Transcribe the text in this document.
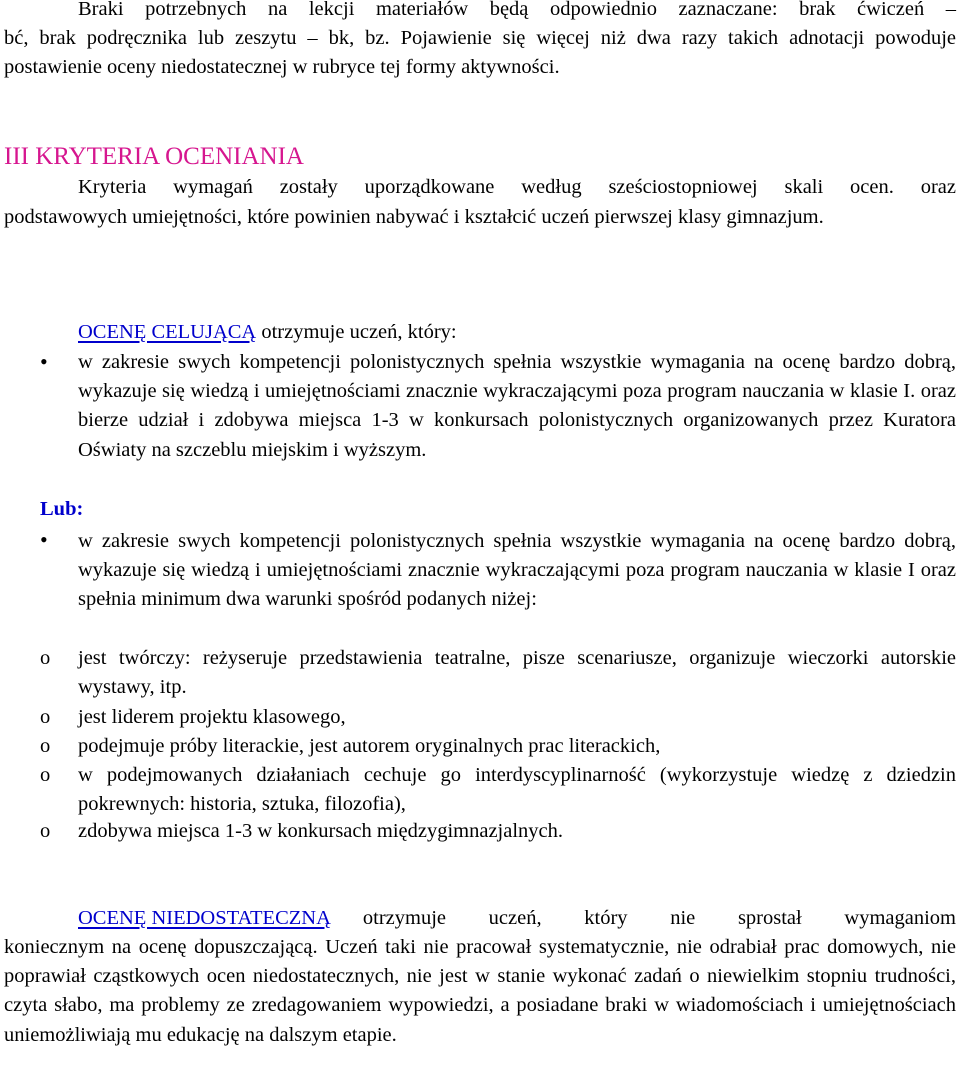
Braki potrzebnych na lekcji materiałów będą odpowiednio zaznaczane: brak ćwiczeń –

bć, brak podręcznika lub zeszytu – bk, bz. Pojawienie się więcej niż dwa razy takich adnotacji powoduje postawienie oceny niedostatecznej w rubryce tej formy aktywności.

III KRYTERIA OCENIANIA

Kryteria wymagań zostały uporządkowane według sześciostopniowej skali ocen. oraz

podstawowych umiejętności, które powinien nabywać i kształcić uczeń pierwszej klasy gimnazjum.

OCENĘ CELUJĄCĄ otrzymuje uczeń, który:
• w zakresie swych kompetencji polonistycznych spełnia wszystkie wymagania na ocenę bardzo dobrą, wykazuje się wiedzą i umiejętnościami znacznie wykraczającymi poza program nauczania w klasie I. oraz bierze udział i zdobywa miejsca 1-3 w konkursach polonistycznych organizowanych przez Kuratora Oświaty na szczeblu miejskim i wyższym.

Lub:
• w zakresie swych kompetencji polonistycznych spełnia wszystkie wymagania na ocenę bardzo dobrą, wykazuje się wiedzą i umiejętnościami znacznie wykraczającymi poza program nauczania w klasie I oraz spełnia minimum dwa warunki spośród podanych niżej:

o jest twórczy: reżyseruje przedstawienia teatralne, pisze scenariusze, organizuje wieczorki autorskie wystawy, itp.

o jest liderem projektu klasowego,

o podejmuje próby literackie, jest autorem oryginalnych prac literackich,

o w podejmowanych działaniach cechuje go interdyscyplinarność (wykorzystuje wiedzę z dziedzin pokrewnych: historia, sztuka, filozofia),

o zdobywa miejsca 1-3 w konkursach międzygimnazjalnych.

OCENĘ NIEDOSTATECZNĄ	otrzymuje uczeń, który nie sprostał wymaganiom

koniecznym na ocenę dopuszczającą. Uczeń taki nie pracował systematycznie, nie odrabiał prac domowych, nie poprawiał cząstkowych ocen niedostatecznych, nie jest w stanie wykonać zadań o niewielkim stopniu trudności, czyta słabo, ma problemy ze zredagowaniem wypowiedzi, a posiadane braki w wiadomościach i umiejętnościach uniemożliwiają mu edukację na dalszym etapie.
